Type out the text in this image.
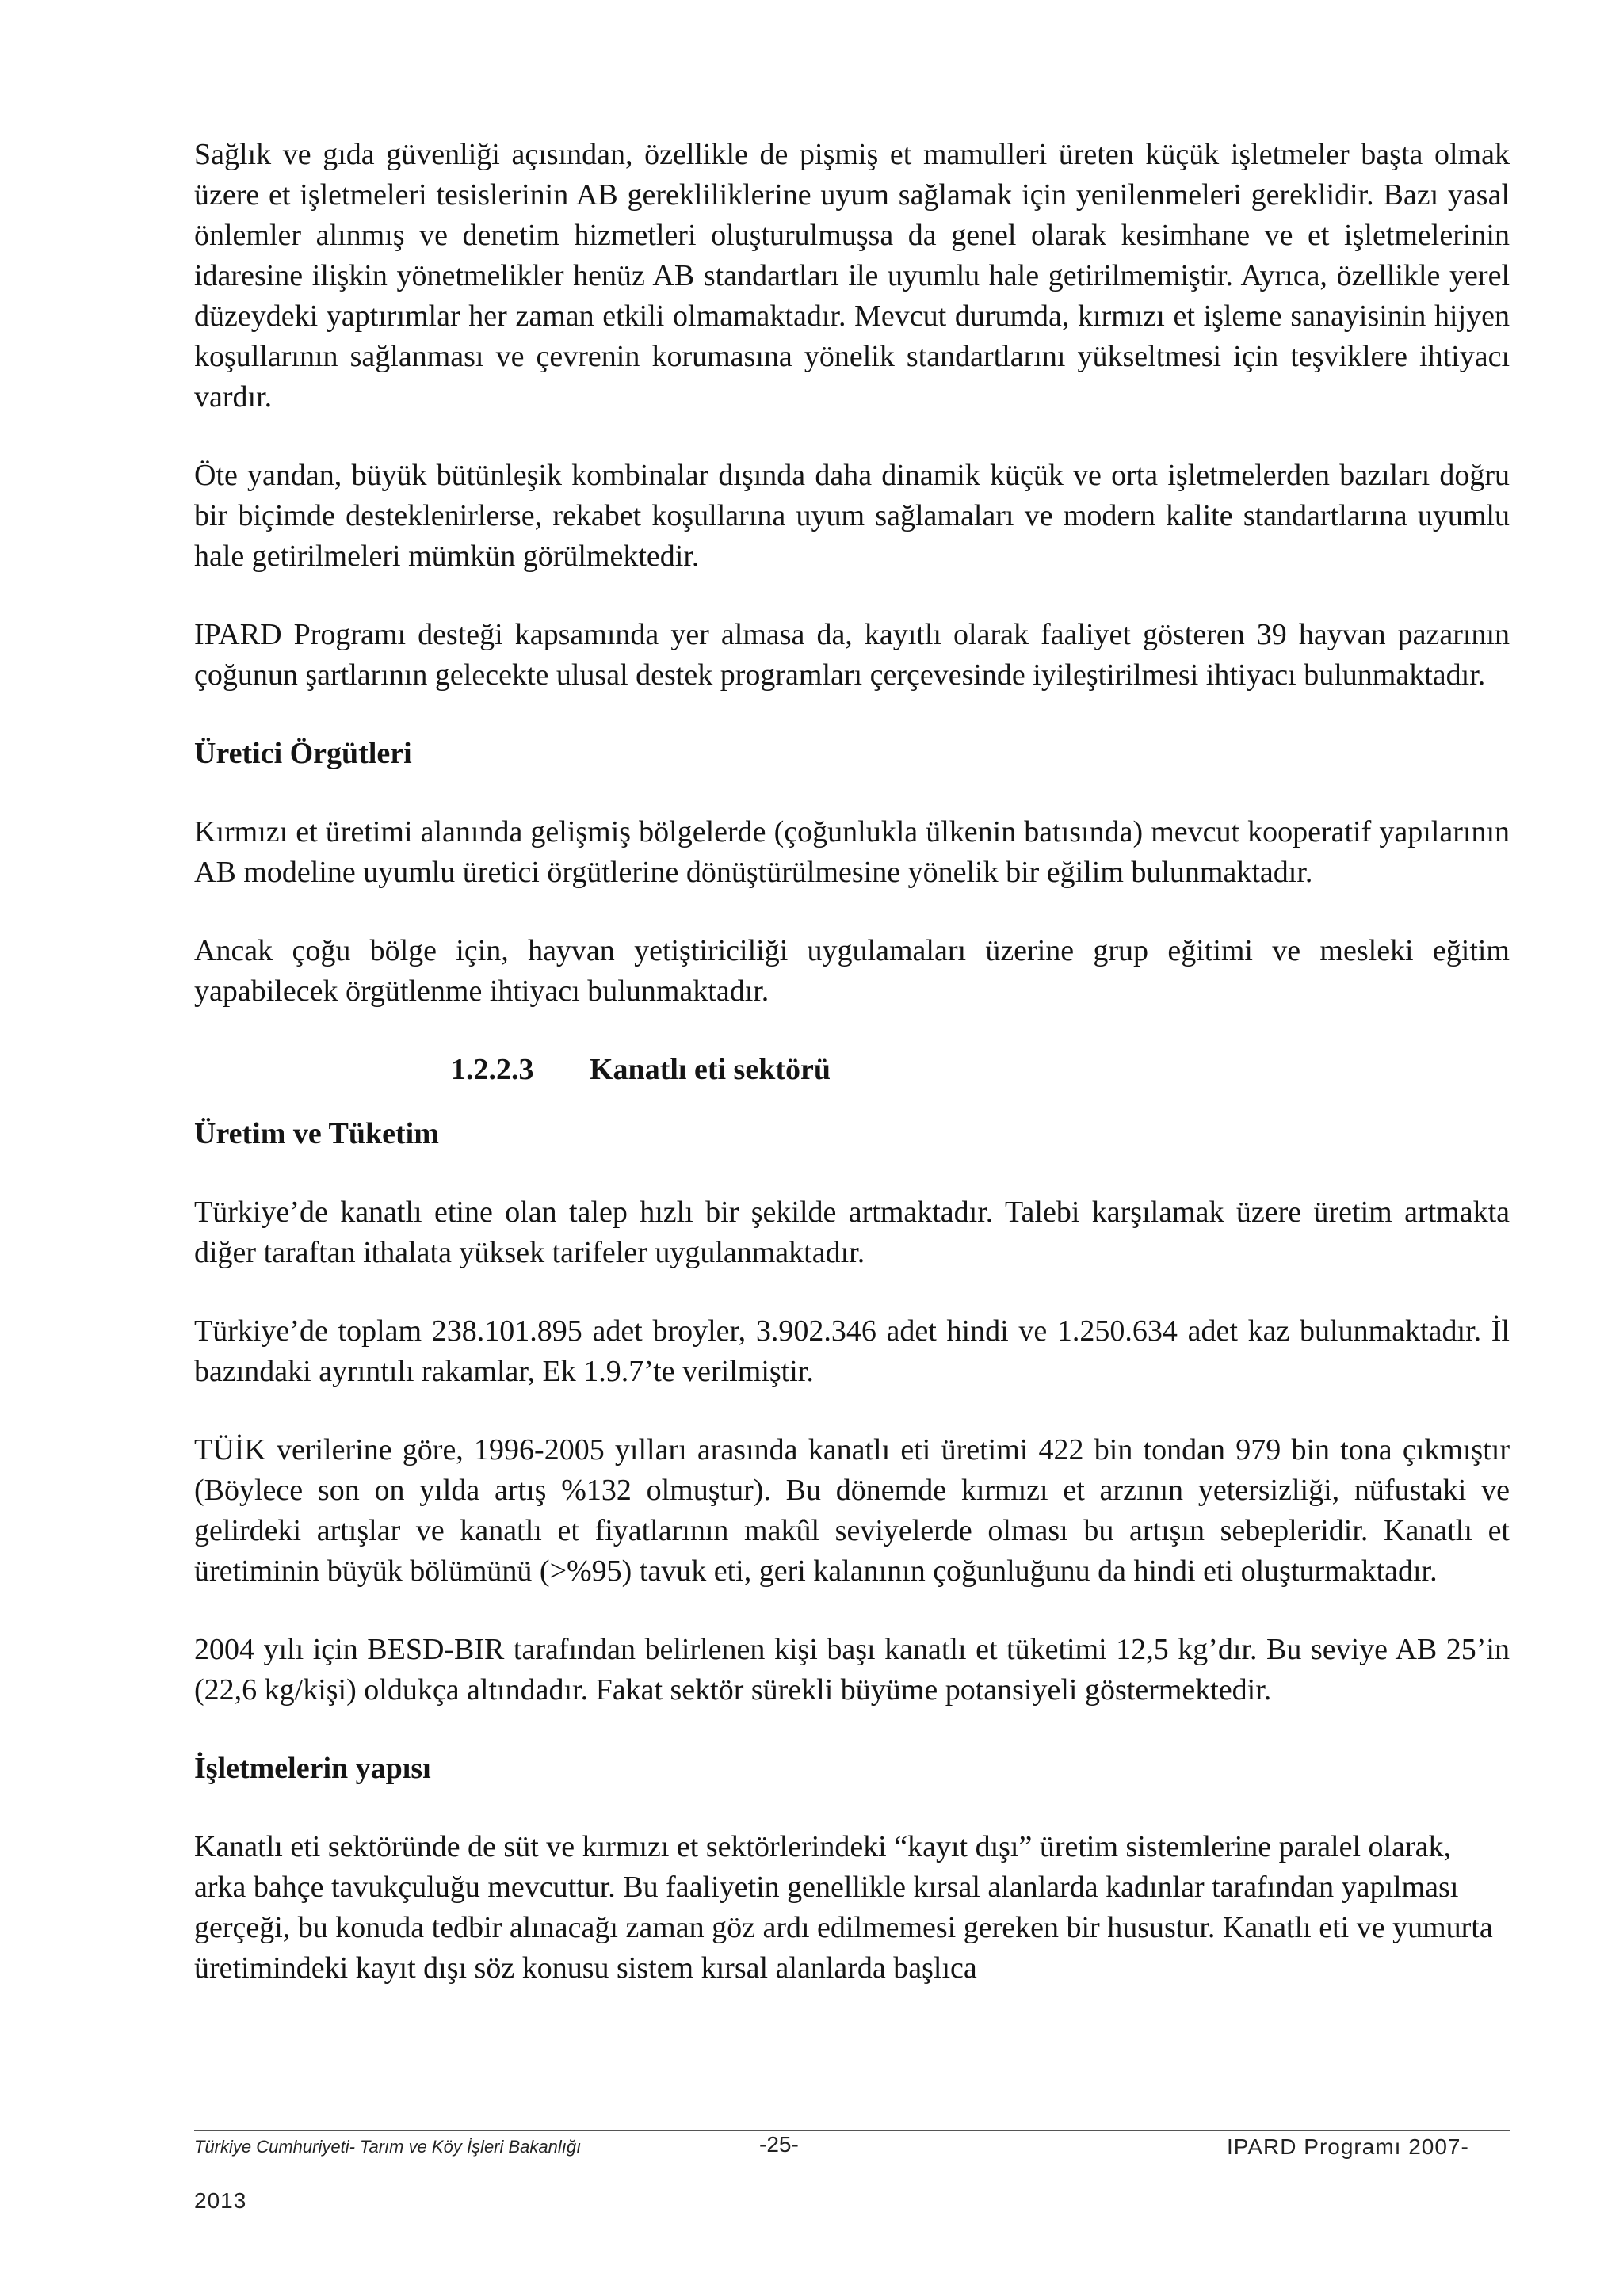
Sağlık ve gıda güvenliği açısından, özellikle de pişmiş et mamulleri üreten küçük işletmeler başta olmak üzere et işletmeleri tesislerinin AB gerekliliklerine uyum sağlamak için yenilenmeleri gereklidir. Bazı yasal önlemler alınmış ve denetim hizmetleri oluşturulmuşsa da genel olarak kesimhane ve et işletmelerinin idaresine ilişkin yönetmelikler henüz AB standartları ile uyumlu hale getirilmemiştir. Ayrıca, özellikle yerel düzeydeki yaptırımlar her zaman etkili olmamaktadır. Mevcut durumda, kırmızı et işleme sanayisinin hijyen koşullarının sağlanması ve çevrenin korumasına yönelik standartlarını yükseltmesi için teşviklere ihtiyacı vardır.

Öte yandan, büyük bütünleşik kombinalar dışında daha dinamik küçük ve orta işletmelerden bazıları doğru bir biçimde desteklenirlerse, rekabet koşullarına uyum sağlamaları ve modern kalite standartlarına uyumlu hale getirilmeleri mümkün görülmektedir.

IPARD Programı desteği kapsamında yer almasa da, kayıtlı olarak faaliyet gösteren 39 hayvan pazarının çoğunun şartlarının gelecekte ulusal destek programları çerçevesinde iyileştirilmesi ihtiyacı bulunmaktadır.

Üretici Örgütleri

Kırmızı et üretimi alanında gelişmiş bölgelerde (çoğunlukla ülkenin batısında) mevcut kooperatif yapılarının AB modeline uyumlu üretici örgütlerine dönüştürülmesine yönelik bir eğilim bulunmaktadır.

Ancak çoğu bölge için, hayvan yetiştiriciliği uygulamaları üzerine grup eğitimi ve mesleki eğitim yapabilecek örgütlenme ihtiyacı bulunmaktadır.

1.2.2.3	Kanatlı eti sektörü
Üretim ve Tüketim

Türkiye’de kanatlı etine olan talep hızlı bir şekilde artmaktadır. Talebi karşılamak üzere üretim artmakta diğer taraftan ithalata yüksek tarifeler uygulanmaktadır.

Türkiye’de toplam 238.101.895 adet broyler, 3.902.346 adet hindi ve 1.250.634 adet kaz bulunmaktadır. İl bazındaki ayrıntılı rakamlar, Ek 1.9.7’te verilmiştir.

TÜİK verilerine göre, 1996-2005 yılları arasında kanatlı eti üretimi 422 bin tondan 979 bin tona çıkmıştır (Böylece son on yılda artış %132 olmuştur). Bu dönemde kırmızı et arzının yetersizliği, nüfustaki ve gelirdeki artışlar ve kanatlı et fiyatlarının makûl seviyelerde olması bu artışın sebepleridir. Kanatlı et üretiminin büyük bölümünü (>%95) tavuk eti, geri kalanının çoğunluğunu da hindi eti oluşturmaktadır.

2004 yılı için BESD-BIR tarafından belirlenen kişi başı kanatlı et tüketimi 12,5 kg’dır. Bu seviye AB 25’in (22,6 kg/kişi) oldukça altındadır. Fakat sektör sürekli büyüme potansiyeli göstermektedir.

İşletmelerin yapısı

Kanatlı eti sektöründe de süt ve kırmızı et sektörlerindeki “kayıt dışı” üretim sistemlerine paralel olarak, arka bahçe tavukçuluğu mevcuttur. Bu faaliyetin genellikle kırsal alanlarda kadınlar tarafından yapılması gerçeği, bu konuda tedbir alınacağı zaman göz ardı edilmemesi gereken bir husustur. Kanatlı eti ve yumurta üretimindeki kayıt dışı söz konusu sistem kırsal alanlarda başlıca

Türkiye Cumhuriyeti- Tarım ve Köy İşleri Bakanlığı	-25-	IPARD Programı 2007-
2013
